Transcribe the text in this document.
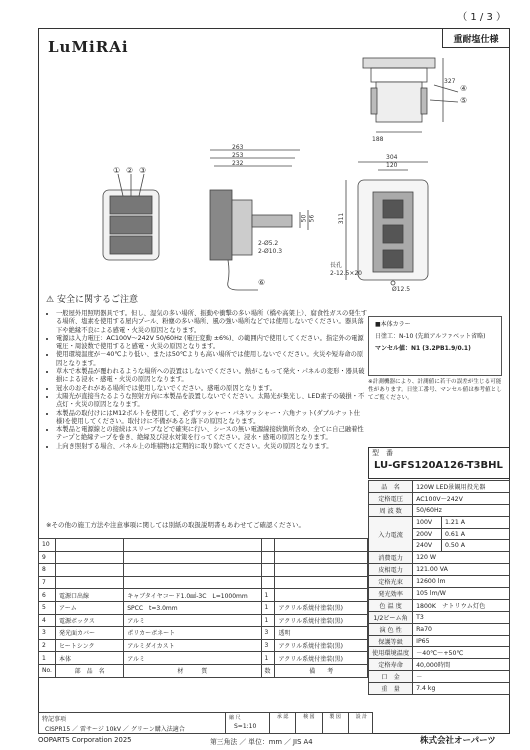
（ 1 / 3 ）
LuMiRAi	重耐塩仕様
327
188
263
253
232
50 56
2-Ø5.2
2-Ø10.3
304
120
311
長孔
2-12.5×20
Ø12.5
① ② ③
④
⑤
⑥
■本体カラー
日塗工：N-10 (先頭アルファベット省略)
マンセル値：N1 (3.2PB1.9/0.1)
※計測機器により、計測値に若干の誤差が生じる可能性があります。日塗工番号、マンセル値は参考値としてご覧ください。
⚠ 安全に関するご注意
• 一般屋外用照明器具です。但し、湿気の多い場所、振動や衝撃の多い場所（橋や高架上）、腐食性ガスの発生する場所、塩素を使用する屋内プール、粉塵の多い場所、風の強い場所などでは使用しないでください。器具落下や絶縁不良による感電・火災の原因となります。
• 電源は入力電圧：AC100V～242V 50/60Hz (電圧変動 ±6%)、の範囲内で使用してください。指定外の電源電圧・周波数で使用すると感電・火災の原因となります。
• 使用環境温度が－40℃より低い、または50℃よりも高い場所では使用しないでください。火災や短寿命の原因となります。
• 草木で本製品が覆われるような場所への設置はしないでください。熱がこもって発火・パネルの変形・器具破損による浸水・感電・火災の原因となります。
• 冠水のおそれがある場所では使用しないでください。感電の原因となります。
• 太陽光が直接当たるような照射方向に本製品を設置しないでください。太陽光が集光し、LED素子の破損・不点灯・火災の原因となります。
• 本製品の取付けにはM12ボルトを使用して、必ずワッシャー・バネワッシャー・六角ナット(ダブルナット仕様)を使用してください。取付けに不備があると落下の原因となります。
• 本製品と電源線との接続はスリーブなどで確実に行い、シースの無い電源線接続箇所含め、全てに自己融着性テープと絶縁テープを巻き、絶縁及び浸水対策を行ってください。浸水・感電の原因となります。
• 上向き照射する場合、パネル上の堆積物は定期的に取り除いてください。火災の原因となります。
※その他の施工方法や注意事項に関しては別紙の取扱説明書もあわせてご確認ください。
型　番
LU-GFS120A126-T3BHL
10				
9				
8				
7				
6	電源口出線	キャブタイヤコード1.0㎟-3C　L=1000mm	1	
5	アーム	SPCC　t=3.0mm	1	アクリル系焼付塗装(黒)
4	電源ボックス	アルミ	1	アクリル系焼付塗装(黒)
3	発光面カバー	ポリカーボネート	3	透明
2	ヒートシンク	アルミダイカスト	3	アクリル系焼付塗装(黒)
1	本体	アルミ	1	アクリル系焼付塗装(黒)
No.	部　品　名	材　　　質	数	備　　考
特記事項
CISPR15 ／ 雷サージ 10kV ／ グリーン購入法適合
縮 尺
S=1:10
承 認	検 図	製 図	設 計
品　名	120W LED景観用投光器	
定格電圧	AC100V～242V	
周 波 数	50/60Hz	
入力電流	100V	1.21 A
	200V	0.61 A
	240V	0.50 A
消費電力	120 W	
皮相電力	121.00 VA	
定格光束	12600 lm	
発光効率	105 lm/W	
色 温 度	1800K　ナトリウム灯色	
1/2ビーム角	T3	
演 色 性	Ra70	
保護等級	IP65	
使用環境温度	－40℃～+50℃	
定格寿命	40,000時間	
口　金	－	
重　量	7.4 kg	
OOPARTS Corporation 2025	第三角法 ／ 単位：mm ／ JIS A4	株式会社オーパーツ
